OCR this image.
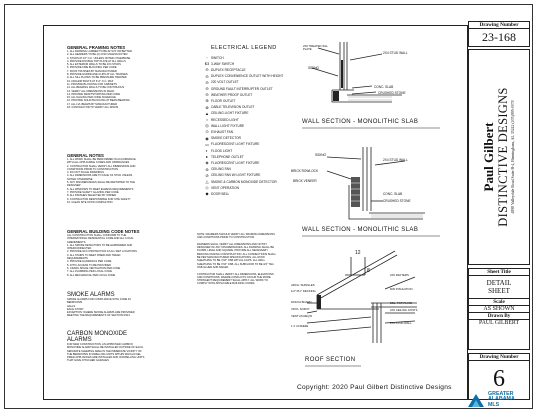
GENERAL FRAMING NOTES
1. ALL FRAMING LUMBER TO BE #2 SYP OR BETTER
2. ALL HEADERS TO BE (2) 2X10 UNLESS NOTED
3. STUDS AT 16" O.C. UNLESS NOTED OTHERWISE
4. PROVIDE DOUBLE TOP PLATE AT ALL WALLS
5. ALL EXTERIOR WALLS TO BE 2X4 STUDS
6. PROVIDE FIRE BLOCKING PER CODE
7. ROOF TRUSSES BY MANUFACTURER
8. PROVIDE HURRICANE CLIPS AT ALL TRUSSES
9. ALL SILL PLATES TO BE PRESSURE TREATED
10. ANCHOR BOLTS AT 6'-0" O.C. MAX
11. PROVIDE BLOCKING FOR CABINETS
12. ALL BEARING WALLS TO BE CONTINUOUS
13. VERIFY ALL DIMENSIONS IN FIELD
14. PROVIDE DRAFTSTOPPING PER CODE
15. ALL NAILING PER CODE SCHEDULE
16. PROVIDE SOLID BLOCKING AT BEAM BEARING
17. ALL LVL BEAMS BY MANUFACTURER
18. CONTRACTOR TO VERIFY ALL SPANS
GENERAL NOTES
1. ALL WORK SHALL BE PERFORMED IN ACCORDANCE WITH ALL APPLICABLE CODES AND ORDINANCES
2. CONTRACTOR SHALL VERIFY ALL DIMENSIONS AND CONDITIONS PRIOR TO CONSTRUCTION
3. DO NOT SCALE DRAWINGS
4. ALL DIMENSIONS ARE TO FACE OF STUD UNLESS NOTED OTHERWISE
5. ANY DISCREPANCIES SHALL BE REPORTED TO THE DESIGNER
6. ALL WINDOWS TO MEET EGRESS REQUIREMENTS
7. PROVIDE SAFETY GLAZING PER CODE
8. ALL FINISHES SELECTED BY OWNER
9. CONTRACTOR RESPONSIBLE FOR SITE SAFETY
10. CLEAN SITE UPON COMPLETION
GENERAL BUILDING CODE NOTES
ALL CONSTRUCTION SHALL CONFORM TO THE INTERNATIONAL RESIDENTIAL CODE AND ALL LOCAL AMENDMENTS
1. ALL SMOKE DETECTORS TO BE HARDWIRED AND INTERCONNECTED
2. PROVIDE GFCI PROTECTION AT ALL WET LOCATIONS
3. ALL STAIRS TO MEET RISER AND TREAD REQUIREMENTS
4. PROVIDE HANDRAILS PER CODE
5. ATTIC ACCESS TO BE PROVIDED
6. CRAWL SPACE VENTILATION PER CODE
7. ALL PLUMBING PER LOCAL CODE
8. ALL MECHANICAL PER LOCAL CODE
SMOKE ALARMS
SMOKE ALARMS FOR COMPLIANCE WITH CODE IN:
BEDROOMS
HALLS
EACH STORY
EXCEPTION: WHERE SMOKE ALARMS ARE PROVIDED MEETING THE REQUIREMENTS OF SECTION R314
CARBON MONOXIDE ALARMS
FOR NEW CONSTRUCTION, AN APPROVED CARBON MONOXIDE ALARM SHALL BE INSTALLED OUTSIDE OF EACH SEPARATE SLEEPING AREA IN THE IMMEDIATE VICINITY OF THE BEDROOMS IN DWELLING UNITS WITHIN WHICH FUEL FIRED APPLIANCES ARE INSTALLED AND IN DWELLING UNITS THAT HAVE ATTACHED GARAGES
ELECTRICAL LEGEND
◦	SWITCH
$3 3-WAY SWITCH
⊖ DUPLEX RECEPTACLE
⊖ DUPLEX CONVENIENCE OUTLET WITH HEIGHT
⊖ 220 VOLT OUTLET
⊖ GROUND FAULT INTERRUPTER OUTLET
⊖ WEATHER PROOF OUTLET
⊕ FLOOR OUTLET
⊗ CABLE TELEVISION OUTLET
▲ CEILING LIGHT FIXTURE
○ RECESSED LIGHT
◎ WALL LIGHT FIXTURE
⊙ EXHAUST FAN
◉ SMOKE DETECTOR
▭ FLUORESCENT LIGHT FIXTURE
◐ FLOOD LIGHT
▸ TELEPHONE OUTLET
◈ FLUORESCENT LIGHT FIXTURE
⊛ CEILING FAN
⊘ CEILING FAN W/ LIGHT FIXTURE
△ SMOKE & CARBON MONOXIDE DETECTOR
◇ VENT OPERATION
◆ DOOR BELL
NOTE: FRAMERS SHOULD VERIFY ALL FRAMING DIMENSIONS AND CONDITIONS PRIOR TO CONSTRUCTION

FRAMERS SHALL VERIFY ALL DIMENSIONS AND NOTIFY DESIGNER OF ANY DISCREPANCIES. ALL FRAMING SHALL BE PLUMB, LEVEL AND SQUARE. PROVIDE ALL NECESSARY BRACING DURING CONSTRUCTION. ALL CONNECTIONS SHALL BE PER MANUFACTURER SPECIFICATIONS. ALL ROOF SHEATHING TO BE 7/16" OSB WITH H-CLIPS. ALL WALL SHEATHING TO BE 7/16" OSB. ALL SUBFLOOR TO BE 3/4" T&G OSB GLUED AND NAILED.

CONTRACTOR SHALL VERIFY ALL DIMENSIONS, ELEVATIONS AND CONDITIONS. WHERE CONFLICTS OCCUR THE MORE STRINGENT REQUIREMENT SHALL APPLY. ALL WORK TO COMPLY WITH APPLICABLE BUILDING CODES.
2X6 TREATED SILL PLATE
2X4 STUD WALL
SIDING
CONC. SLAB
CRUSHED STONE
WALL SECTION - MONOLITHIC SLAB
SIDING
2X4 STUD WALL
BRICK ROWLOCK
BRICK VENEER
CONC. SLAB
CRUSHED STONE
WALL SECTION - MONOLITHIC SLAB
12
8
2X6 RAFTERS
ARCH. SHINGLES
1/2" PLY. DECKING
FASCIA BOARD
VINYL SOFFIT
VENT AS REQ'D
1 X 4 FRIEZE
DBL. TOP PLATE
2X6 CEILING JOISTS
2X4 STUD WALL
R30 INSULATION
ROOF SECTION
Copyright: 2020 Paul Gilbert Distinctive Designs
Drawing Number
23-168
Paul Gilbert DISTINCTIVE DESIGNS 4898 Valleydale Road Suite B-4, Birmingham, AL 35242 (205)995-0070
Sheet Title
DETAIL
SHEET
Scale
AS SHOWN
Drawn By
PAUL GILBERT
Drawing Number
6
GREATER
ALABAMA
MLS
